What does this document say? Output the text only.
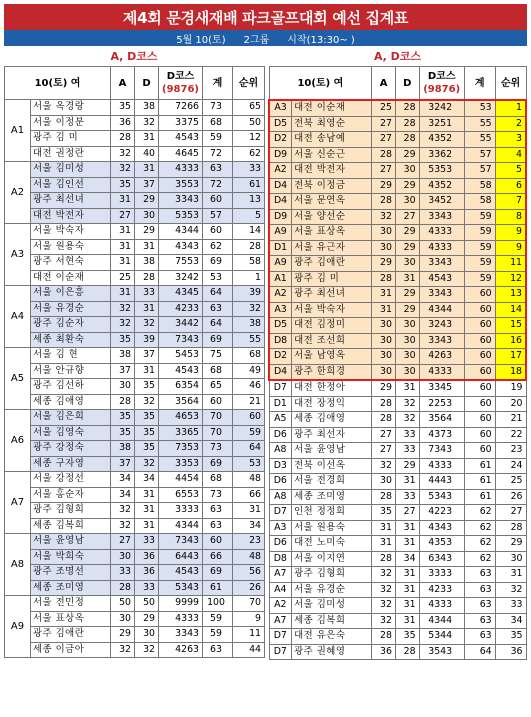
제4회 문경새재배 파크골프대회 예선 집계표
5월 10(토) 2그룹 시작(13:30~ )
A, D코스	A, D코스
10(토) 여		A	D	D코스
(9876)	계	순위
A1	서울 옥경랑	35	38	7266	73	65
	서울 이정분	36	32	3375	68	50
	광주 김 미	28	31	4543	59	12
	대전 권정란	32	40	4645	72	62
A2	서울 김미성	32	31	4333	63	33
	서울 김인선	35	37	3553	72	61
	광주 최선녀	31	29	3343	60	13
	대전 박전자	27	30	5353	57	5
A3	서울 박숙자	31	29	4344	60	14
	서울 원용숙	31	31	4343	62	28
	광주 서현숙	31	38	7553	69	58
	대전 이순재	25	28	3242	53	1
A4	서울 이은흥	31	33	4345	64	39
	서울 유경순	32	31	4233	63	32
	광주 김순자	32	32	3442	64	38
	세종 최환숙	35	39	7343	69	55
A5	서울 김 현	38	37	5453	75	68
	서울 안규향	37	31	4543	68	49
	광주 김선하	30	35	6354	65	46
	세종 김애영	28	32	3564	60	21
A6	서울 김은희	35	35	4653	70	60
	서울 김영숙	35	35	3365	70	59
	광주 강정숙	38	35	7353	73	64
	세종 구자영	37	32	3353	69	53
A7	서울 강정선	34	34	4454	68	48
	서울 홍순자	34	31	6553	73	66
	광주 김형희	32	31	3333	63	31
	세종 김복희	32	31	4344	63	34
A8	서울 윤영남	27	33	7343	60	23
	서울 박희숙	30	36	6443	66	48
	광주 조명선	33	36	4543	69	56
	세종 조미영	28	33	5343	61	26
A9	서울 전민정	50	50	9999	100	70
	서울 표상옥	30	29	4333	59	9
	광주 김애란	29	30	3343	59	11
	세종 이금아	32	32	4263	63	44
10(토) 여		A	D	D코스
(9876)	계	순위
A3	대전 이순재	25	28	3242	53	1
D5	전북 최영순	27	28	3251	55	2
D2	대전 송남예	27	28	4352	55	3
D9	서울 신순근	28	29	3362	57	4
A2	대전 박전자	27	30	5353	57	5
D4	전북 이정금	29	29	4352	58	6
D4	서울 문연옥	28	30	3452	58	7
D9	서울 양선순	32	27	3343	59	8
A9	서울 표상옥	30	29	4333	59	9
D1	서울 유근자	30	29	4333	59	9
A9	광주 김애란	29	30	3343	59	11
A1	광주 김 미	28	31	4543	59	12
A2	광주 최선녀	31	29	3343	60	13
A3	서울 박숙자	31	29	4344	60	14
D5	대전 김정미	30	30	3243	60	15
D8	대전 조선희	30	30	3343	60	16
D2	서울 남영옥	30	30	4263	60	17
D4	광주 한희경	30	30	4333	60	18
D7	대전 한정아	29	31	3345	60	19
D1	대전 장정익	28	32	2253	60	20
A5	세종 김애영	28	32	3564	60	21
D6	광주 최선자	27	33	4373	60	22
A8	서울 윤영남	27	33	7343	60	23
D3	전북 이선옥	32	29	4333	61	24
D6	서울 전경희	30	31	4443	61	25
A8	세종 조미영	28	33	5343	61	26
D7	인천 정정희	35	27	4223	62	27
A3	서울 원용숙	31	31	4343	62	28
D6	대전 노미숙	31	31	4353	62	29
D8	서울 이지연	28	34	6343	62	30
A7	광주 김형희	32	31	3333	63	31
A4	서울 유경순	32	31	4233	63	32
A2	서울 김미성	32	31	4333	63	33
A7	세종 김복희	32	31	4344	63	34
D7	대전 유은숙	28	35	5344	63	35
D7	광주 권혜영	36	28	3543	64	36
